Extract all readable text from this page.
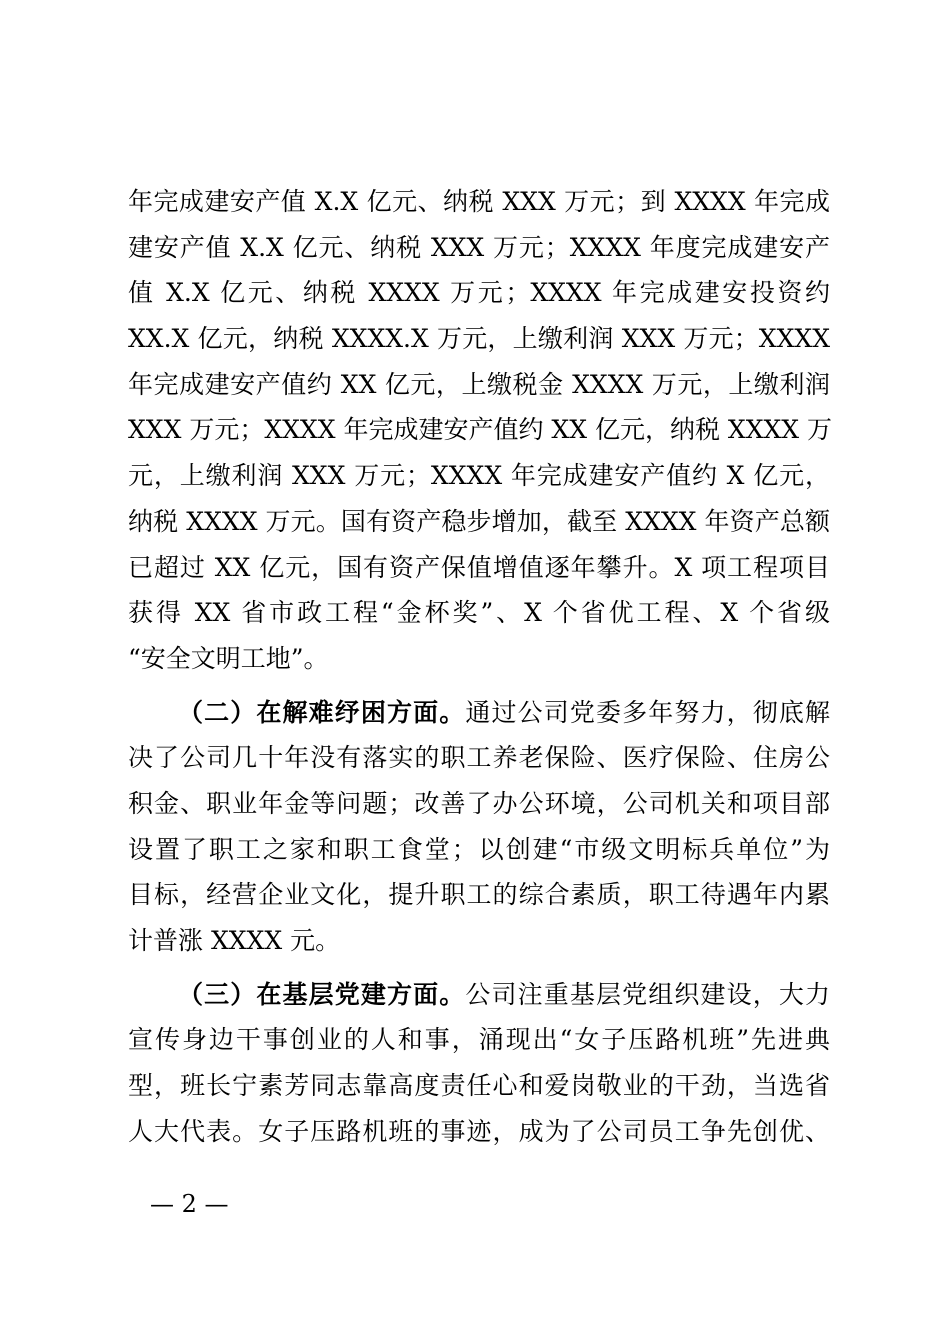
年完成建安产值 X.X 亿元、纳税 XXX 万元；到 XXXX 年完成
建安产值 X.X 亿元、纳税 XXX 万元；XXXX 年度完成建安产
值 X.X 亿元、纳税 XXXX 万元；XXXX 年完成建安投资约
XX.X 亿元，纳税 XXXX.X 万元，上缴利润 XXX 万元；XXXX
年完成建安产值约 XX 亿元，上缴税金 XXXX 万元，上缴利润
XXX 万元；XXXX 年完成建安产值约 XX 亿元，纳税 XXXX 万
元，上缴利润 XXX 万元；XXXX 年完成建安产值约 X 亿元，
纳税 XXXX 万元。国有资产稳步增加，截至 XXXX 年资产总额
已超过 XX 亿元，国有资产保值增值逐年攀升。X 项工程项目
获得 XX 省市政工程“金杯奖”、X 个省优工程、X 个省级
“安全文明工地”。
（二）在解难纾困方面。通过公司党委多年努力，彻底解
决了公司几十年没有落实的职工养老保险、医疗保险、住房公
积金、职业年金等问题；改善了办公环境，公司机关和项目部
设置了职工之家和职工食堂；以创建“市级文明标兵单位”为
目标，经营企业文化，提升职工的综合素质，职工待遇年内累
计普涨 XXXX 元。
（三）在基层党建方面。公司注重基层党组织建设，大力
宣传身边干事创业的人和事，涌现出“女子压路机班”先进典
型，班长宁素芳同志靠高度责任心和爱岗敬业的干劲，当选省
人大代表。女子压路机班的事迹，成为了公司员工争先创优、
— 2 —
